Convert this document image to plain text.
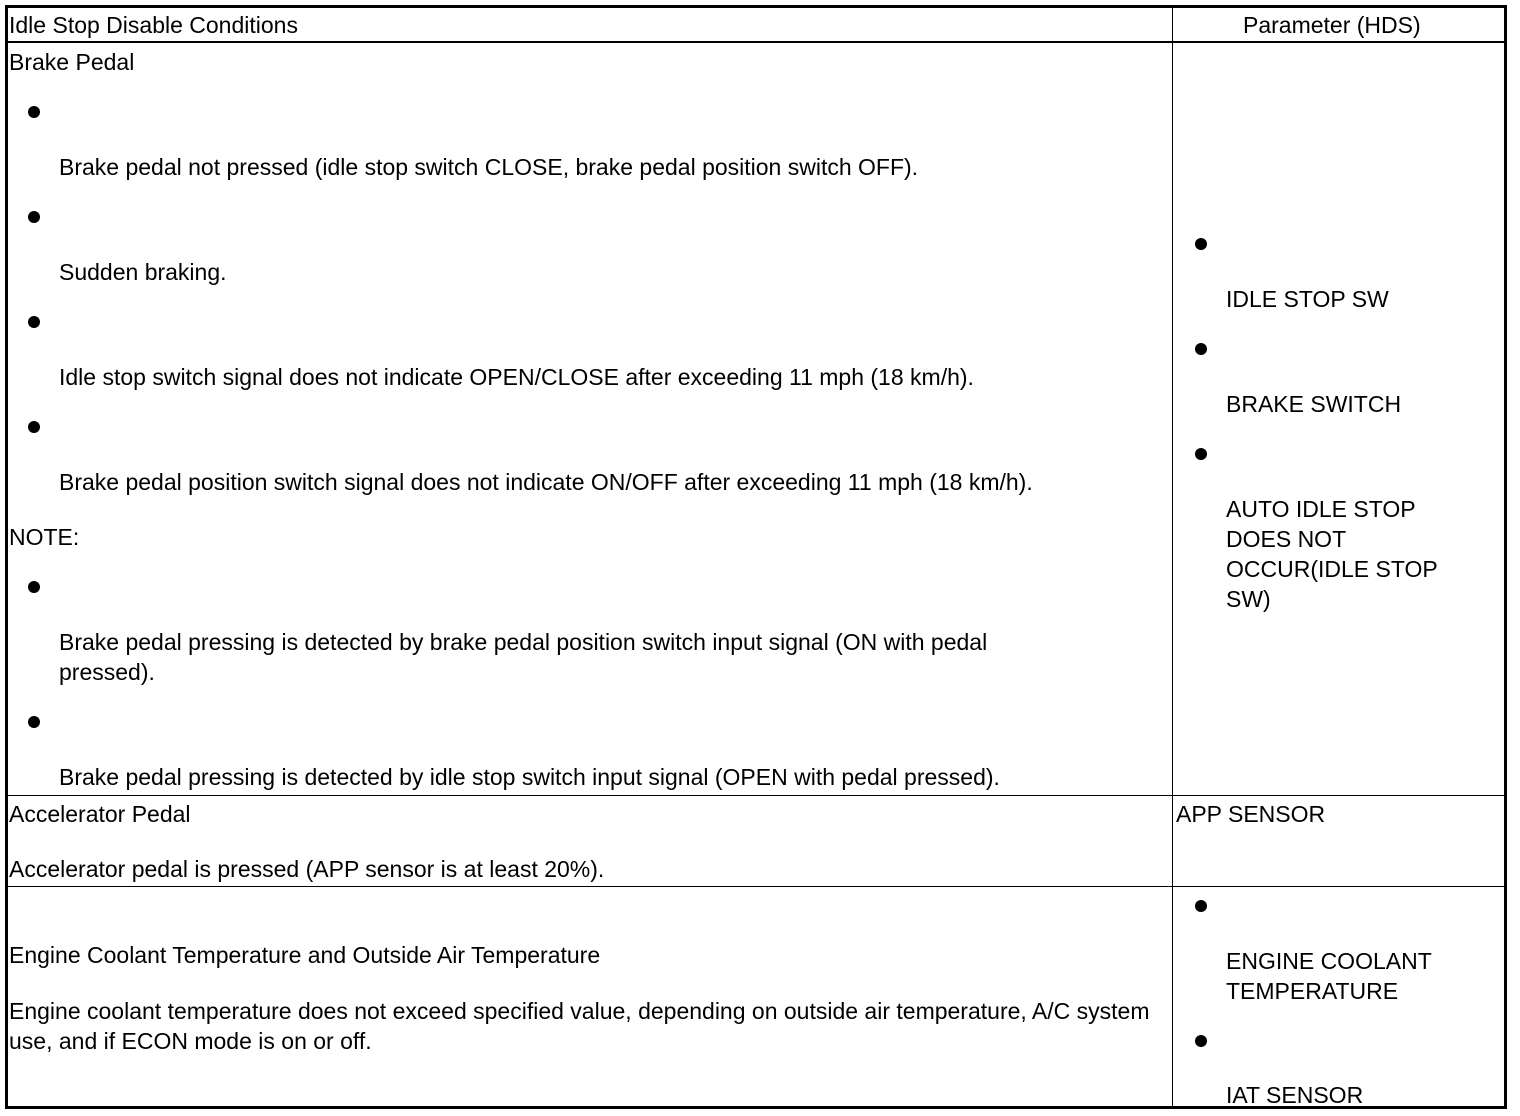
Idle Stop Disable Conditions	Parameter (HDS)
Brake Pedal
Brake pedal not pressed (idle stop switch CLOSE, brake pedal position switch OFF).
Sudden braking.
Idle stop switch signal does not indicate OPEN/CLOSE after exceeding 11 mph (18 km/h).
Brake pedal position switch signal does not indicate ON/OFF after exceeding 11 mph (18 km/h).
NOTE:
Brake pedal pressing is detected by brake pedal position switch input signal (ON with pedal pressed).
Brake pedal pressing is detected by idle stop switch input signal (OPEN with pedal pressed).
IDLE STOP SW
BRAKE SWITCH
AUTO IDLE STOP DOES NOT OCCUR(IDLE STOP SW)
Accelerator Pedal
Accelerator pedal is pressed (APP sensor is at least 20%).
APP SENSOR
Engine Coolant Temperature and Outside Air Temperature
Engine coolant temperature does not exceed specified value, depending on outside air temperature, A/C system use, and if ECON mode is on or off.
ENGINE COOLANT TEMPERATURE
IAT SENSOR
